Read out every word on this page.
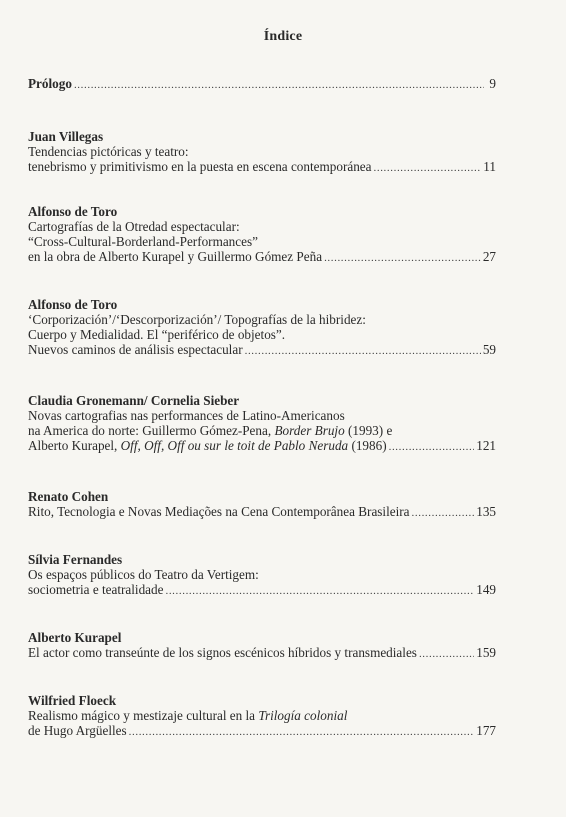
Índice
Prólogo .....	9
Juan Villegas
Tendencias pictóricas y teatro:
tenebrismo y primitivismo en la puesta en escena contemporánea .....	11
Alfonso de Toro
Cartografías de la Otredad espectacular:
“Cross-Cultural-Borderland-Performances”
en la obra de Alberto Kurapel y Guillermo Gómez Peña .....	27
Alfonso de Toro
‘Corporización’/‘Descorporización’/ Topografías de la hibridez:
Cuerpo y Medialidad. El “periférico de objetos”.
Nuevos caminos de análisis espectacular .....	59
Claudia Gronemann/ Cornelia Sieber
Novas cartografias nas performances de Latino-Americanos
na America do norte: Guillermo Gómez-Pena, Border Brujo (1993) e
Alberto Kurapel, Off, Off, Off ou sur le toit de Pablo Neruda (1986) .....	121
Renato Cohen
Rito, Tecnologia e Novas Mediações na Cena Contemporânea Brasileira .....	135
Sílvia Fernandes
Os espaços públicos do Teatro da Vertigem:
sociometria e teatralidade .....	149
Alberto Kurapel
El actor como transeúnte de los signos escénicos híbridos y transmediales .....	159
Wilfried Floeck
Realismo mágico y mestizaje cultural en la Trilogía colonial
de Hugo Argüelles .....	177
